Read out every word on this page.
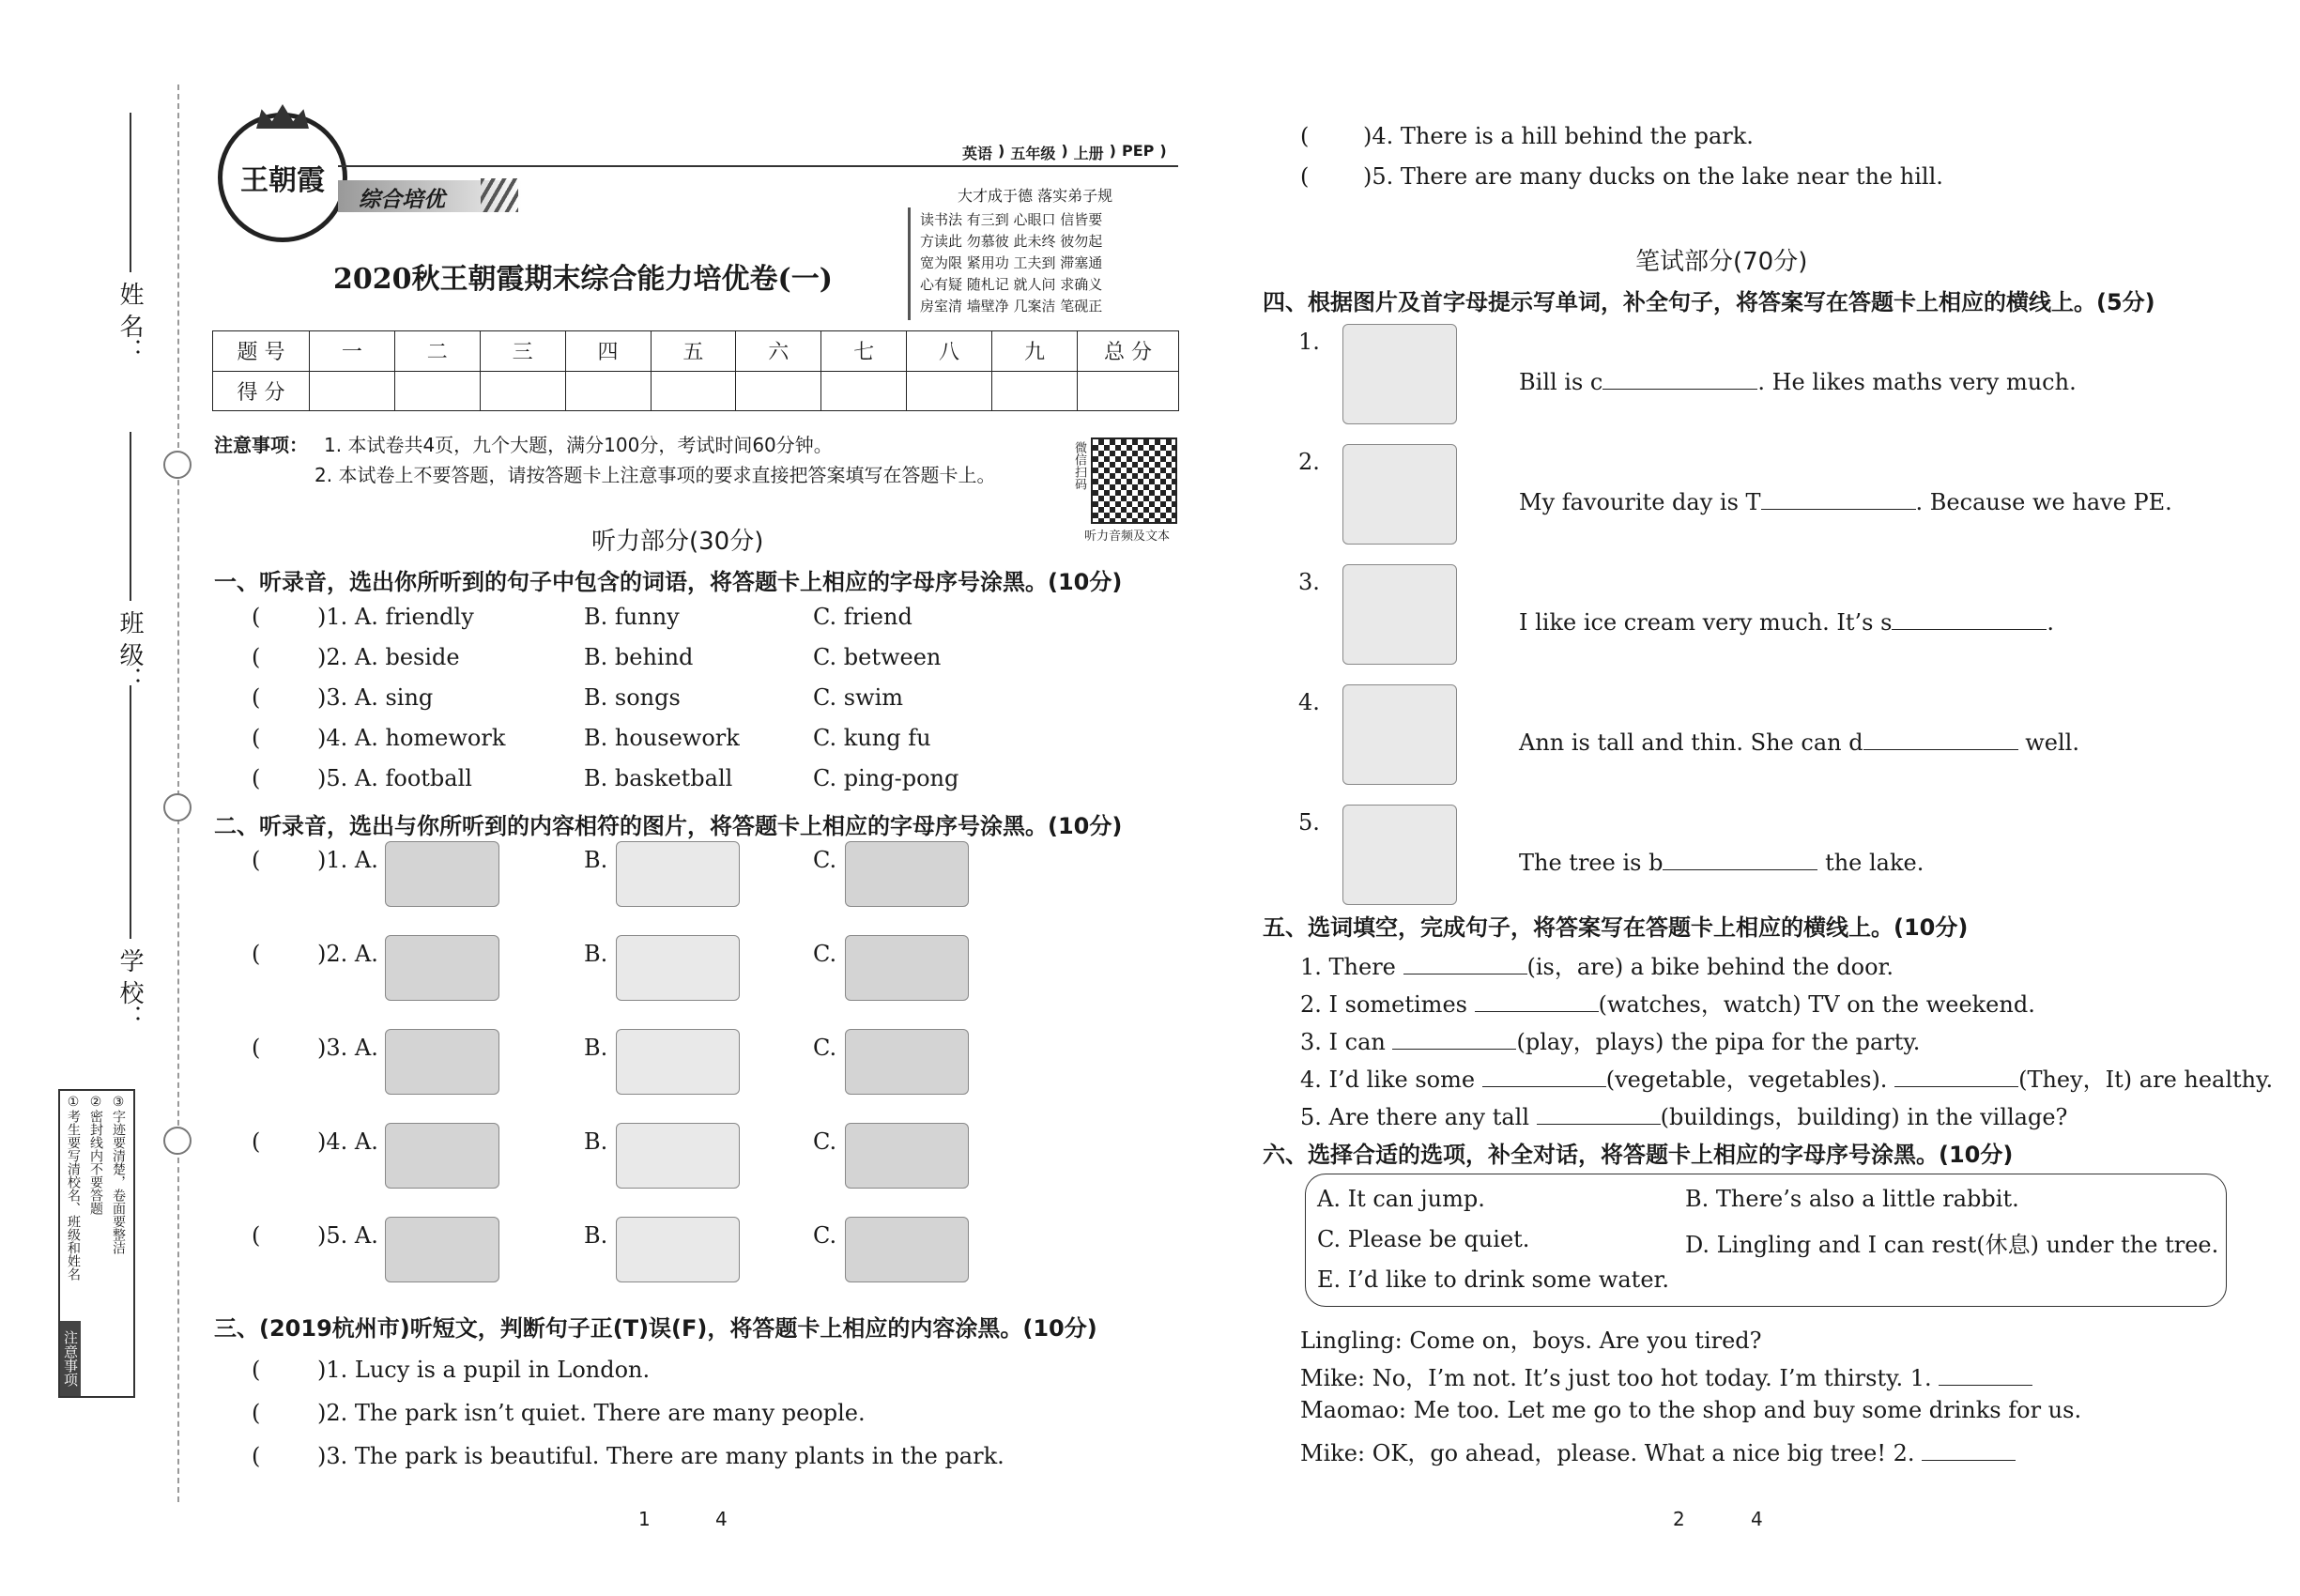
姓 名：
班 级：
学 校：
注意事项
①考生要写清校名、班级和姓名 ②密封线内不要答题 ③字迹要清楚，卷面要整洁
王朝霞
综合培优
英语 ) 五年级 ) 上册 ) PEP )
大才成于德 落实弟子规
读书法 有三到 心眼口 信皆要
方读此 勿慕彼 此未终 彼勿起
宽为限 紧用功 工夫到 滞塞通
心有疑 随札记 就人问 求确义
房室清 墙壁净 几案洁 笔砚正
2020秋王朝霞期末综合能力培优卷(一)
题 号	一	二	三	四	五	六	七	八	九	总 分
得 分										
注意事项： 1. 本试卷共4页，九个大题，满分100分，考试时间60分钟。
2. 本试卷上不要答题，请按答题卡上注意事项的要求直接把答案填写在答题卡上。	微信扫码
听力音频及文本
听力部分(30分)
一、听录音，选出你所听到的句子中包含的词语，将答题卡上相应的字母序号涂黑。(10分)
(	)1. A. friendly	B. funny	C. friend
(	)2. A. beside	B. behind	C. between
(	)3. A. sing	B. songs	C. swim
(	)4. A. homework	B. housework	C. kung fu
(	)5. A. football	B. basketball	C. ping-pong
二、听录音，选出与你所听到的内容相符的图片，将答题卡上相应的字母序号涂黑。(10分)
(	)1. A.	B.	C.
(	)2. A.	B.	C.
(	)3. A.	B.	C.
(	)4. A.	B.	C.
(	)5. A.	B.	C.
三、(2019杭州市)听短文，判断句子正(T)误(F)，将答题卡上相应的内容涂黑。(10分)
(	)1. Lucy is a pupil in London.
(	)2. The park isn’t quiet. There are many people.
(	)3. The park is beautiful. There are many plants in the park.
1	4
( )4. There is a hill behind the park.
( )5. There are many ducks on the lake near the hill.
笔试部分(70分)
四、根据图片及首字母提示写单词，补全句子，将答案写在答题卡上相应的横线上。(5分)
1.
Bill is c	. He likes maths very much.
2.
My favourite day is T	. Because we have PE.
3.
I like ice cream very much. It’s s	.
4.
Ann is tall and thin. She can d	well.
5.
The tree is b	the lake.
五、选词填空，完成句子，将答案写在答题卡上相应的横线上。(10分)
1. There	(is，are) a bike behind the door.
2. I sometimes	(watches，watch) TV on the weekend.
3. I can	(play，plays) the pipa for the party.
4. I’d like some	(vegetable，vegetables).	(They，It) are healthy.
5. Are there any tall	(buildings，building) in the village?
六、选择合适的选项，补全对话，将答题卡上相应的字母序号涂黑。(10分)
A. It can jump.	B. There’s also a little rabbit.
C. Please be quiet.	D. Lingling and I can rest(休息) under the tree.
E. I’d like to drink some water.
Lingling: Come on，boys. Are you tired?
Mike: No，I’m not. It’s just too hot today. I’m thirsty. 1.
Maomao: Me too. Let me go to the shop and buy some drinks for us.
Mike: OK，go ahead，please. What a nice big tree! 2.
2	4
